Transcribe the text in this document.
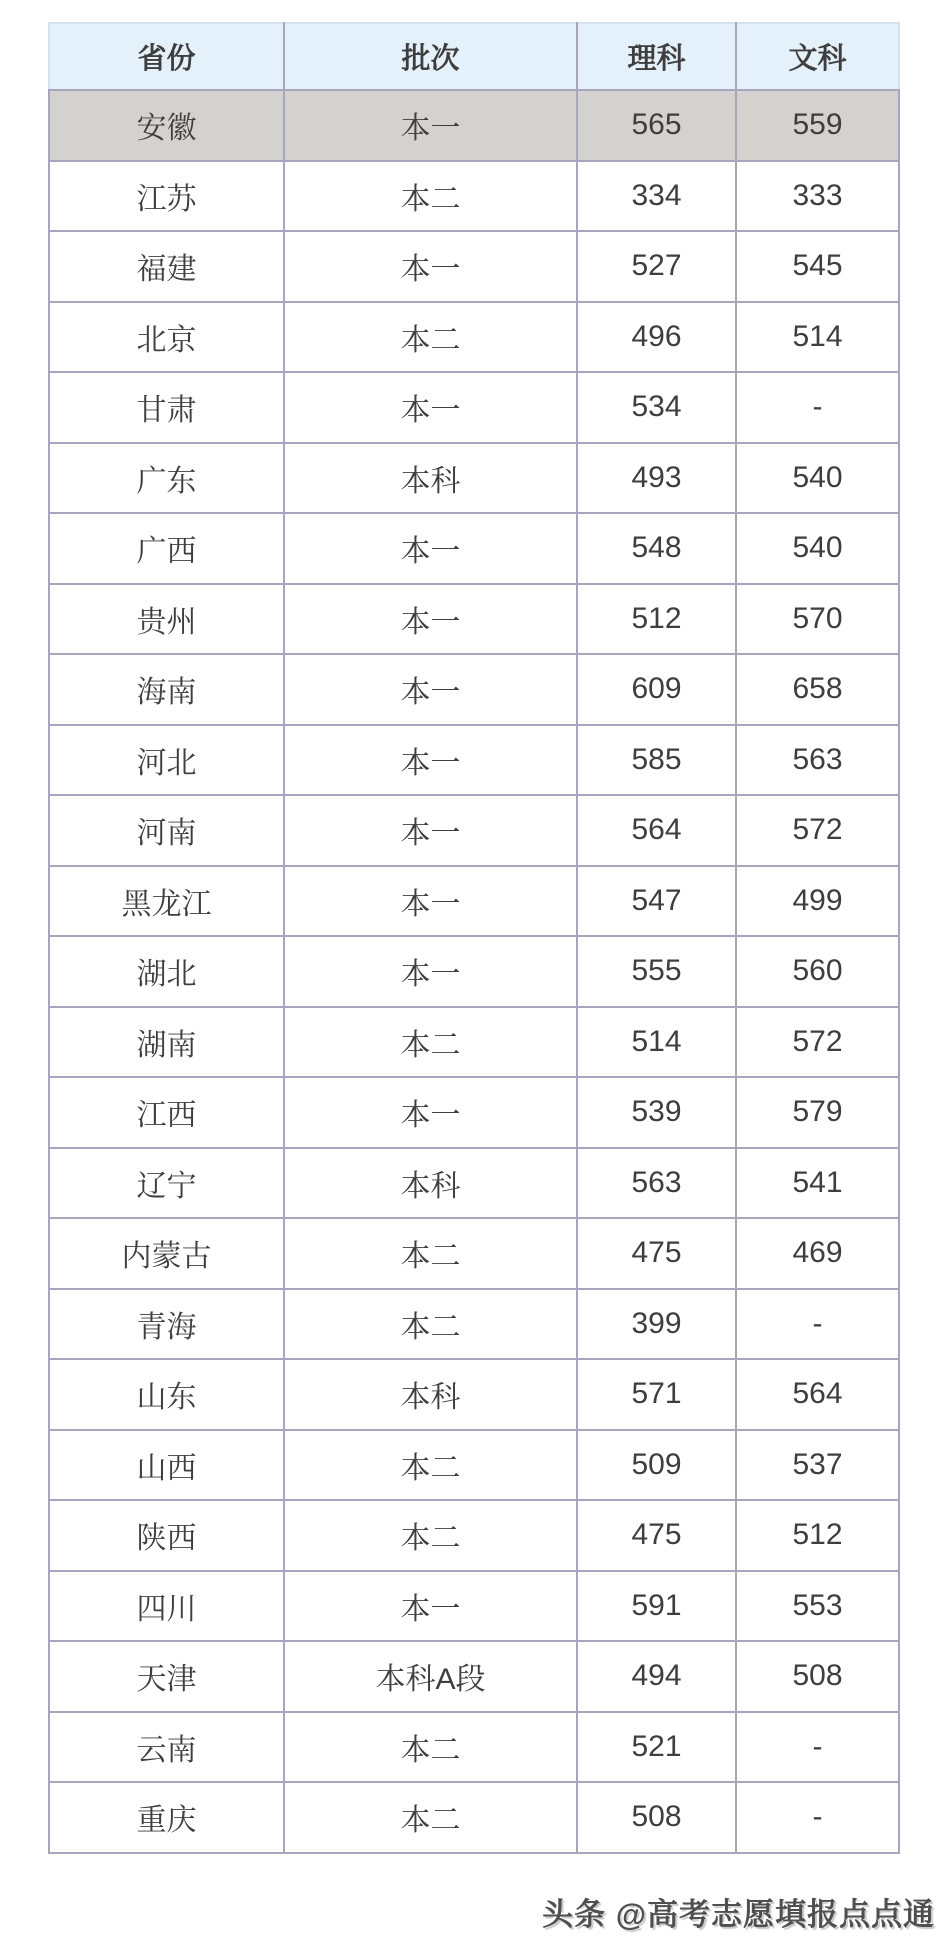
省份	批次	理科	文科
安徽	本一	565	559
江苏	本二	334	333
福建	本一	527	545
北京	本二	496	514
甘肃	本一	534	-
广东	本科	493	540
广西	本一	548	540
贵州	本一	512	570
海南	本一	609	658
河北	本一	585	563
河南	本一	564	572
黑龙江	本一	547	499
湖北	本一	555	560
湖南	本二	514	572
江西	本一	539	579
辽宁	本科	563	541
内蒙古	本二	475	469
青海	本二	399	-
山东	本科	571	564
山西	本二	509	537
陕西	本二	475	512
四川	本一	591	553
天津	本科A段	494	508
云南	本二	521	-
重庆	本二	508	-
头条 @高考志愿填报点点通
